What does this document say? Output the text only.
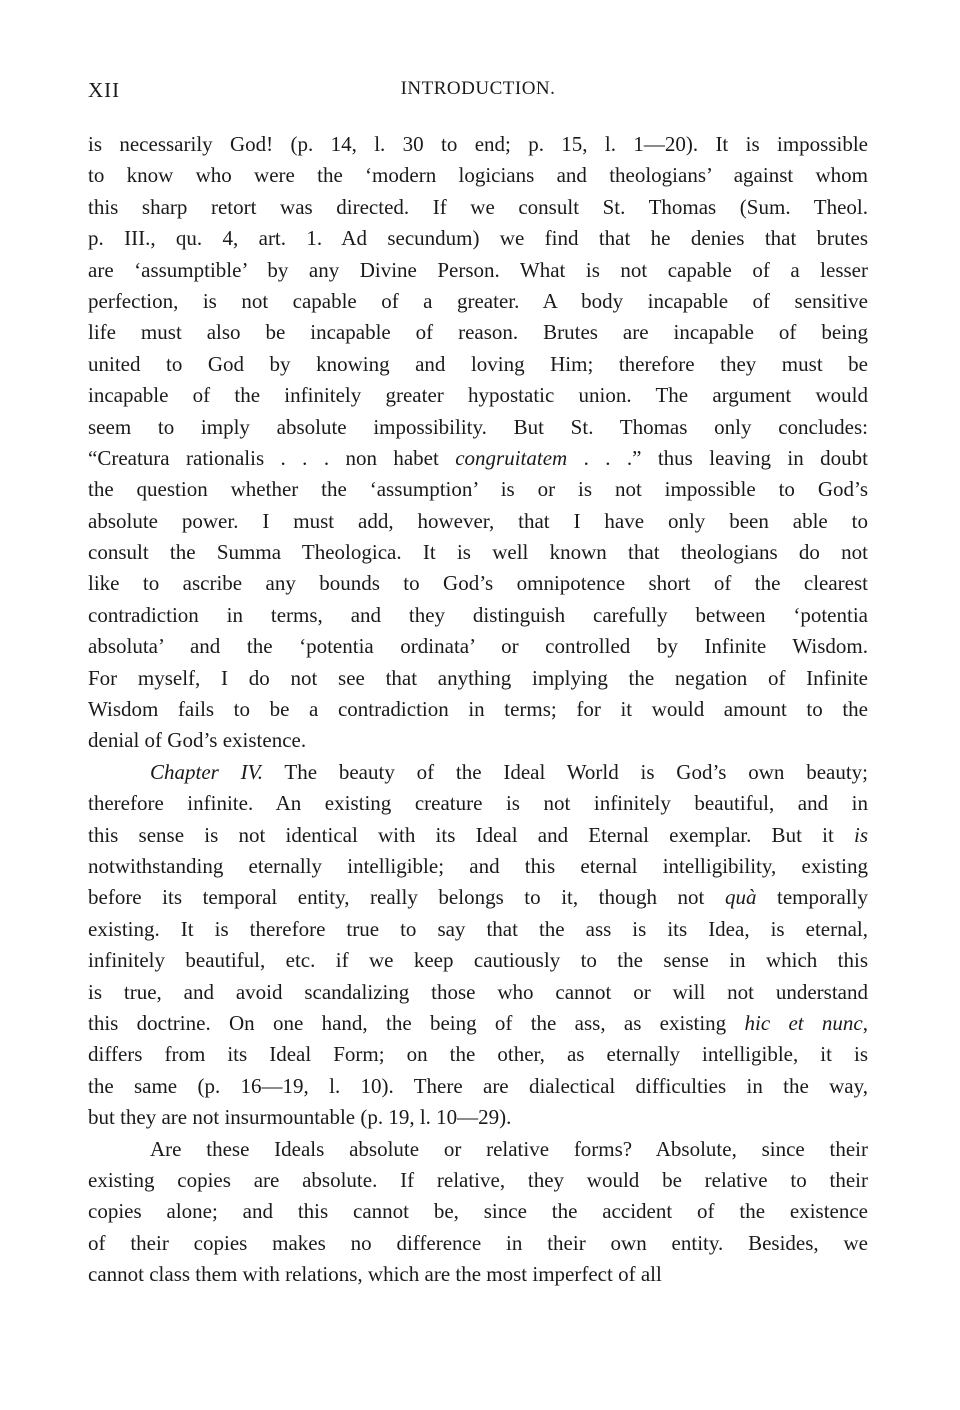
XII	INTRODUCTION.
is necessarily God! (p. 14, l. 30 to end; p. 15, l. 1—20). It is impossible
to know who were the ‘modern logicians and theologians’ against whom
this sharp retort was directed. If we consult St. Thomas (Sum. Theol.
p. III., qu. 4, art. 1. Ad secundum) we find that he denies that brutes
are ‘assumptible’ by any Divine Person. What is not capable of a lesser
perfection, is not capable of a greater. A body incapable of sensitive
life must also be incapable of reason. Brutes are incapable of being
united to God by knowing and loving Him; therefore they must be
incapable of the infinitely greater hypostatic union. The argument would
seem to imply absolute impossibility. But St. Thomas only concludes:
“Creatura rationalis . . . non habet congruitatem . . .” thus leaving in doubt
the question whether the ‘assumption’ is or is not impossible to God’s
absolute power. I must add, however, that I have only been able to
consult the Summa Theologica. It is well known that theologians do not
like to ascribe any bounds to God’s omnipotence short of the clearest
contradiction in terms, and they distinguish carefully between ‘potentia
absoluta’ and the ‘potentia ordinata’ or controlled by Infinite Wisdom.
For myself, I do not see that anything implying the negation of Infinite
Wisdom fails to be a contradiction in terms; for it would amount to the
denial of God’s existence.
Chapter IV. The beauty of the Ideal World is God’s own beauty;
therefore infinite. An existing creature is not infinitely beautiful, and in
this sense is not identical with its Ideal and Eternal exemplar. But it is
notwithstanding eternally intelligible; and this eternal intelligibility, existing
before its temporal entity, really belongs to it, though not quà temporally
existing. It is therefore true to say that the ass is its Idea, is eternal,
infinitely beautiful, etc. if we keep cautiously to the sense in which this
is true, and avoid scandalizing those who cannot or will not understand
this doctrine. On one hand, the being of the ass, as existing hic et nunc,
differs from its Ideal Form; on the other, as eternally intelligible, it is
the same (p. 16—19, l. 10). There are dialectical difficulties in the way,
but they are not insurmountable (p. 19, l. 10—29).
Are these Ideals absolute or relative forms? Absolute, since their
existing copies are absolute. If relative, they would be relative to their
copies alone; and this cannot be, since the accident of the existence
of their copies makes no difference in their own entity. Besides, we
cannot class them with relations, which are the most imperfect of all
